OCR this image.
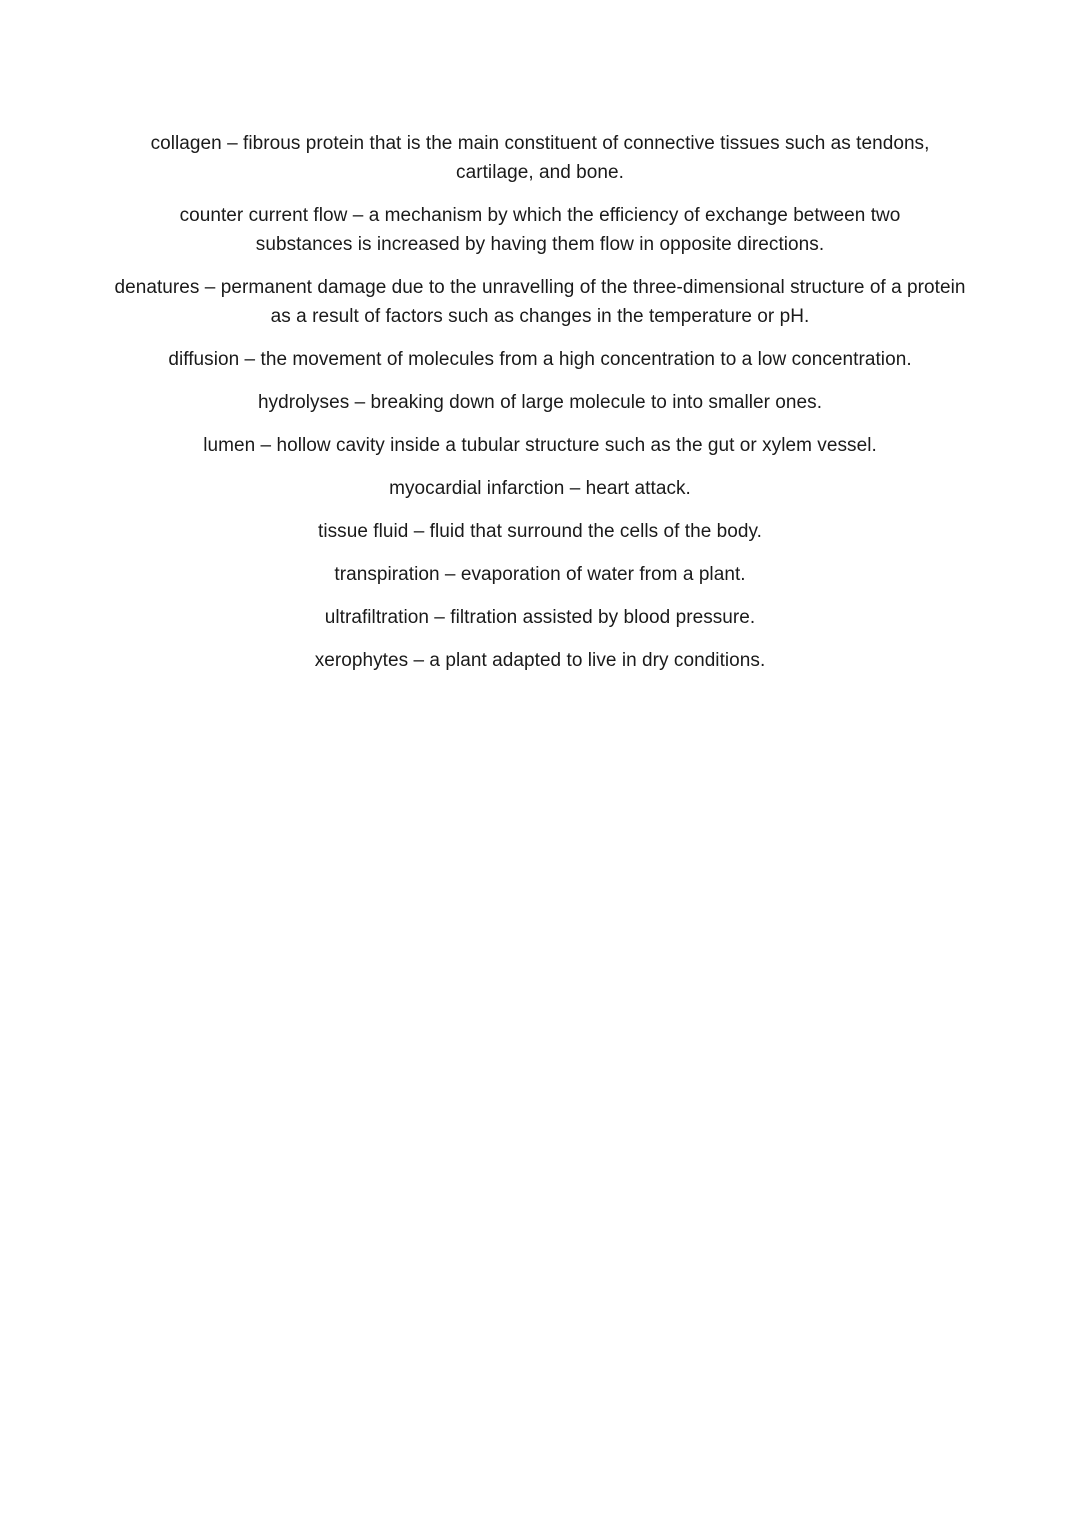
collagen – fibrous protein that is the main constituent of connective tissues such as tendons, cartilage, and bone.

counter current flow – a mechanism by which the efficiency of exchange between two substances is increased by having them flow in opposite directions.

denatures – permanent damage due to the unravelling of the three-dimensional structure of a protein as a result of factors such as changes in the temperature or pH.

diffusion – the movement of molecules from a high concentration to a low concentration.

hydrolyses – breaking down of large molecule to into smaller ones.

lumen – hollow cavity inside a tubular structure such as the gut or xylem vessel.

myocardial infarction – heart attack.

tissue fluid – fluid that surround the cells of the body.

transpiration – evaporation of water from a plant.

ultrafiltration – filtration assisted by blood pressure.

xerophytes – a plant adapted to live in dry conditions.
